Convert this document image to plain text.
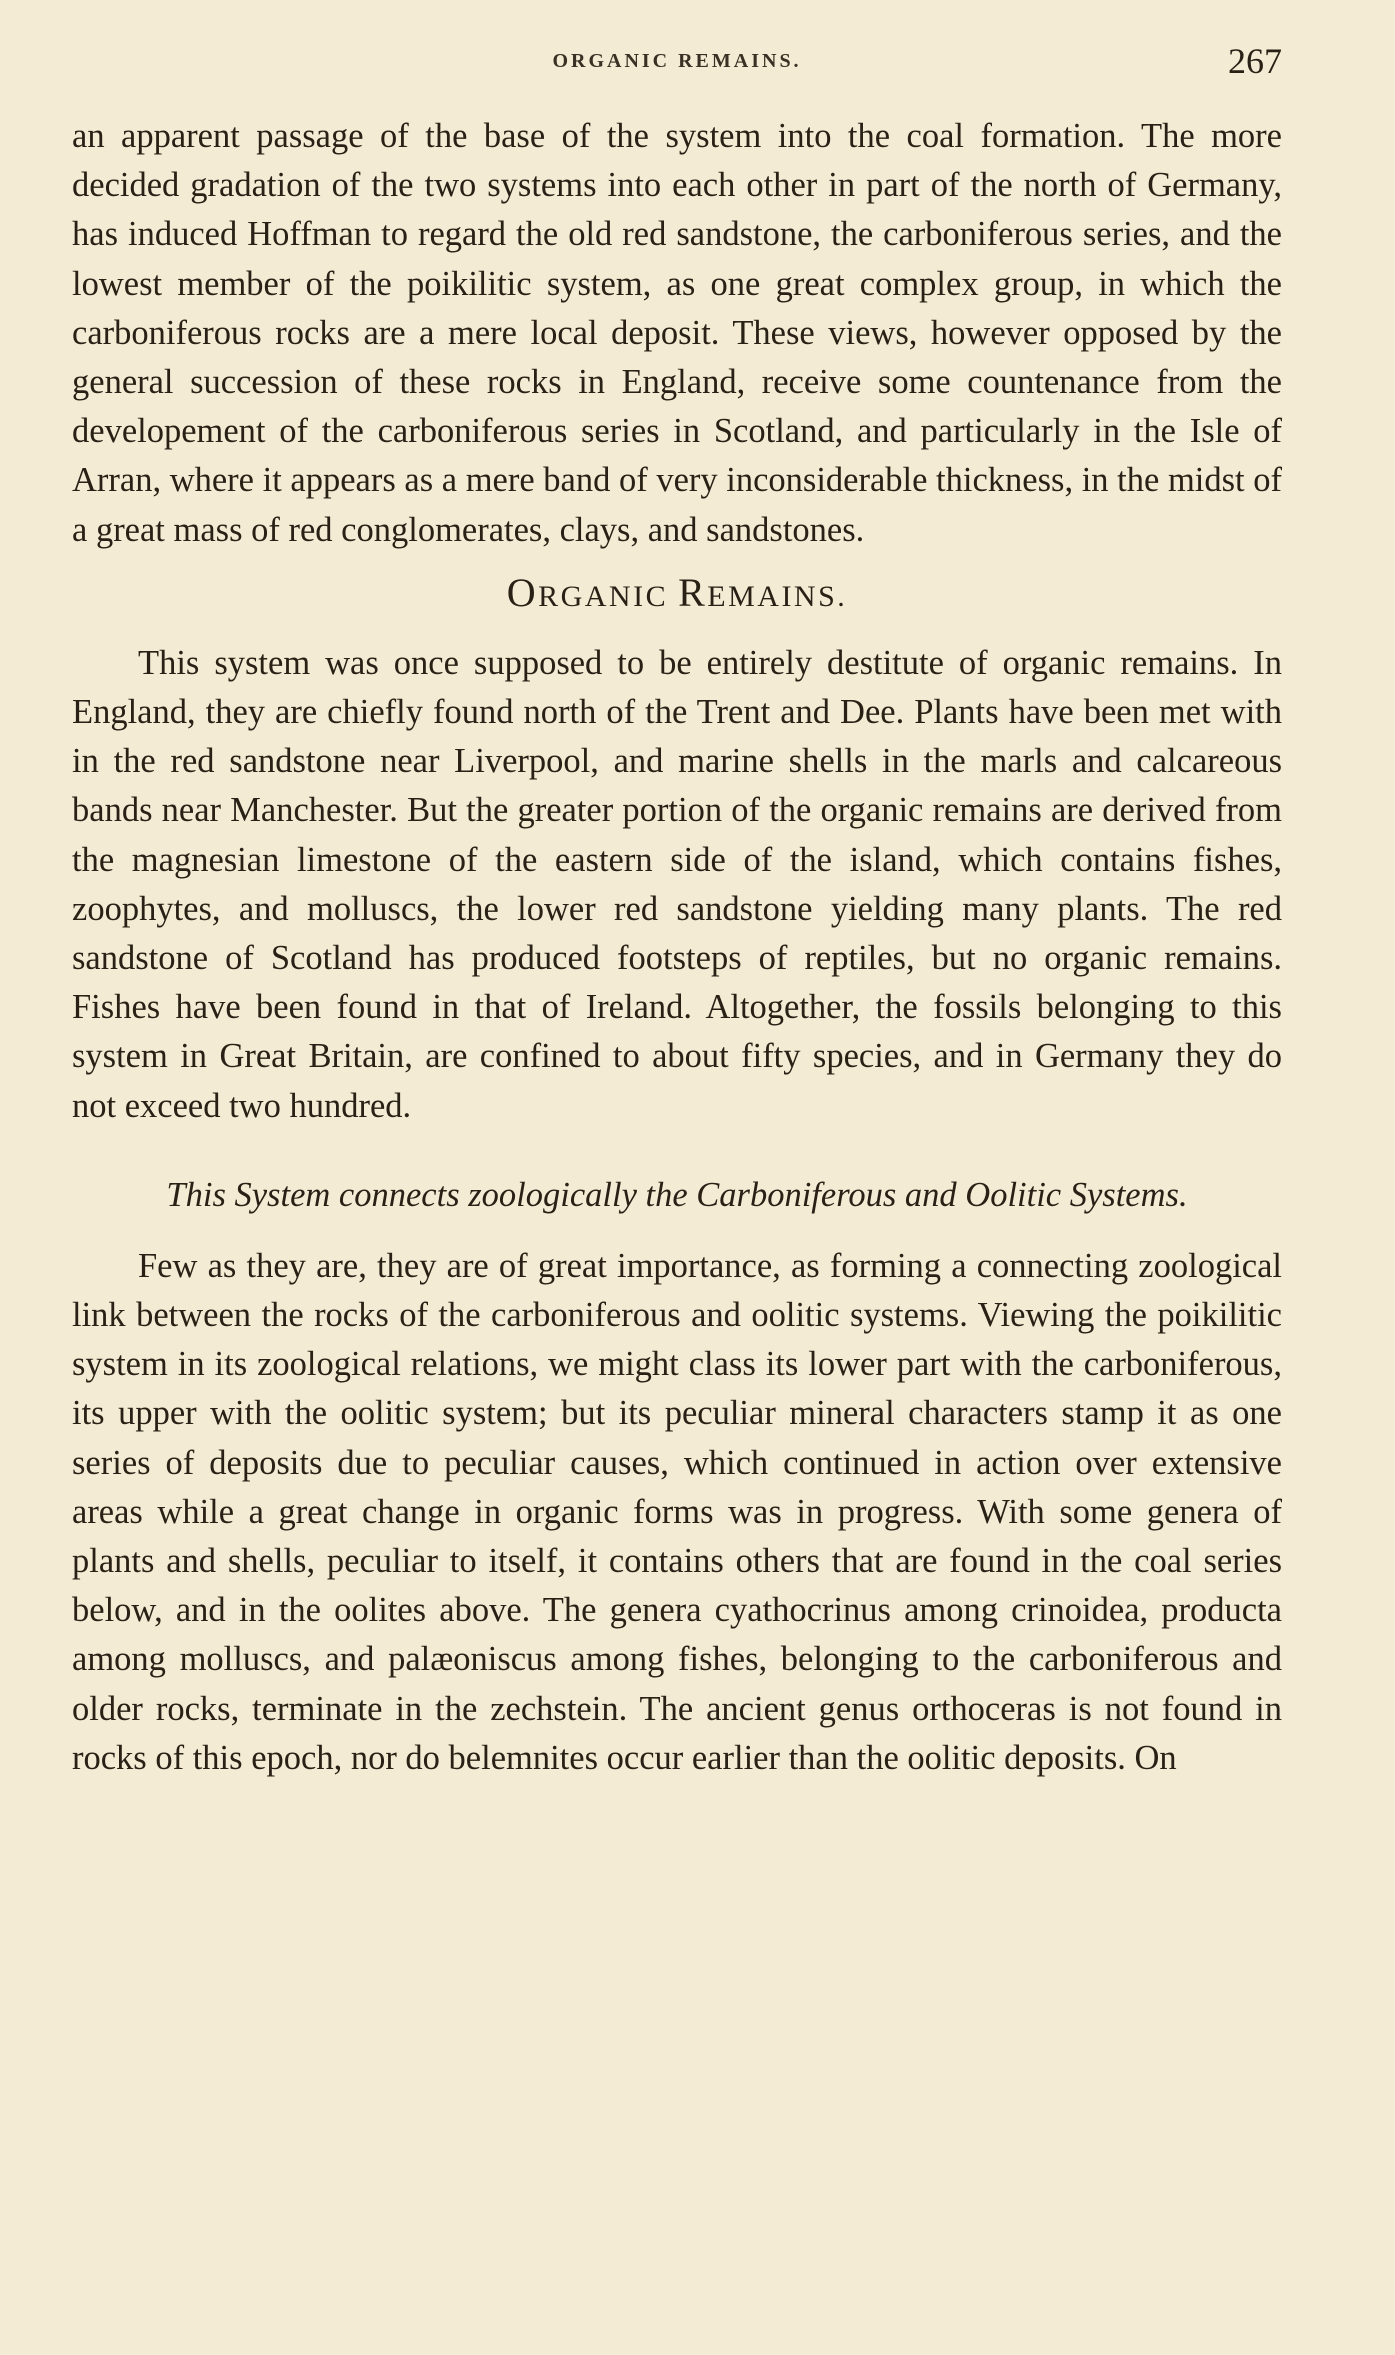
ORGANIC REMAINS.	267

an apparent passage of the base of the system into the coal formation. The more decided gradation of the two systems into each other in part of the north of Germany, has induced Hoffman to regard the old red sandstone, the carboniferous series, and the lowest member of the poikilitic system, as one great complex group, in which the carboniferous rocks are a mere local deposit. These views, however opposed by the general succession of these rocks in England, receive some countenance from the developement of the carboniferous series in Scotland, and particularly in the Isle of Arran, where it appears as a mere band of very inconsiderable thickness, in the midst of a great mass of red conglomerates, clays, and sandstones.

ORGANIC REMAINS.

This system was once supposed to be entirely destitute of organic remains. In England, they are chiefly found north of the Trent and Dee. Plants have been met with in the red sandstone near Liverpool, and marine shells in the marls and calcareous bands near Manchester. But the greater portion of the organic remains are derived from the magnesian limestone of the eastern side of the island, which contains fishes, zoophytes, and molluscs, the lower red sandstone yielding many plants. The red sandstone of Scotland has produced footsteps of reptiles, but no organic remains. Fishes have been found in that of Ireland. Altogether, the fossils belonging to this system in Great Britain, are confined to about fifty species, and in Germany they do not exceed two hundred.

This System connects zoologically the Carboniferous and Oolitic Systems.

Few as they are, they are of great importance, as forming a connecting zoological link between the rocks of the carboniferous and oolitic systems. Viewing the poikilitic system in its zoological relations, we might class its lower part with the carboniferous, its upper with the oolitic system; but its peculiar mineral characters stamp it as one series of deposits due to peculiar causes, which continued in action over extensive areas while a great change in organic forms was in progress. With some genera of plants and shells, peculiar to itself, it contains others that are found in the coal series below, and in the oolites above. The genera cyathocrinus among crinoidea, producta among molluscs, and palæoniscus among fishes, belonging to the carboniferous and older rocks, terminate in the zechstein. The ancient genus orthoceras is not found in rocks of this epoch, nor do belemnites occur earlier than the oolitic deposits. On
